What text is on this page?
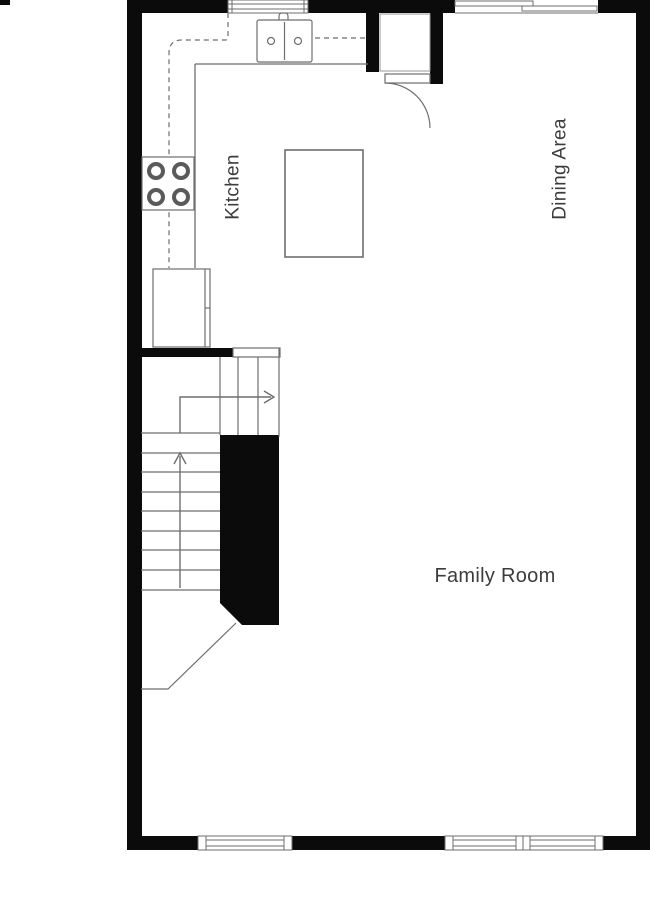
Kitchen	Dining Area
Family Room
